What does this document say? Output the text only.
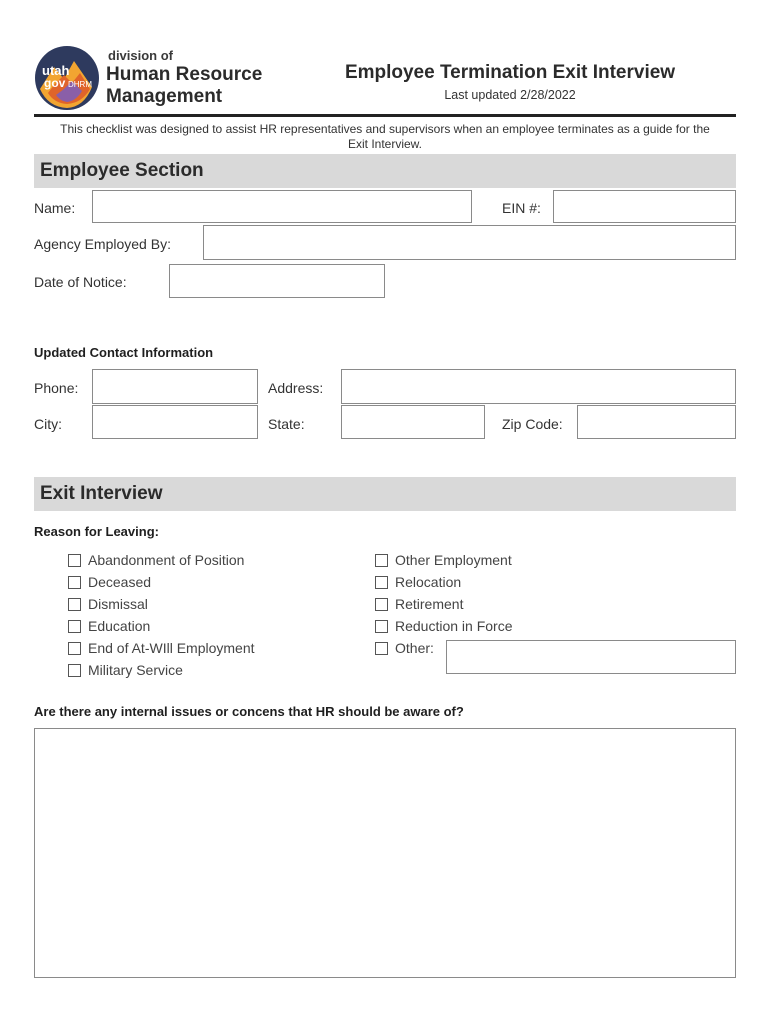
utah
gov DHRM
division of
Human Resource
Management
Employee Termination Exit Interview
Last updated 2/28/2022
This checklist was designed to assist HR representatives and supervisors when an employee terminates as a guide for the Exit Interview.
Employee Section
Name:	EIN #:
Agency Employed By:
Date of Notice:
Updated Contact Information
Phone:	Address:
City:	State:	Zip Code:
Exit Interview
Reason for Leaving:
Abandonment of Position
Deceased
Dismissal
Education
End of At-WIll Employment
Military Service
Other Employment
Relocation
Retirement
Reduction in Force
Other:
Are there any internal issues or concens that HR should be aware of?
